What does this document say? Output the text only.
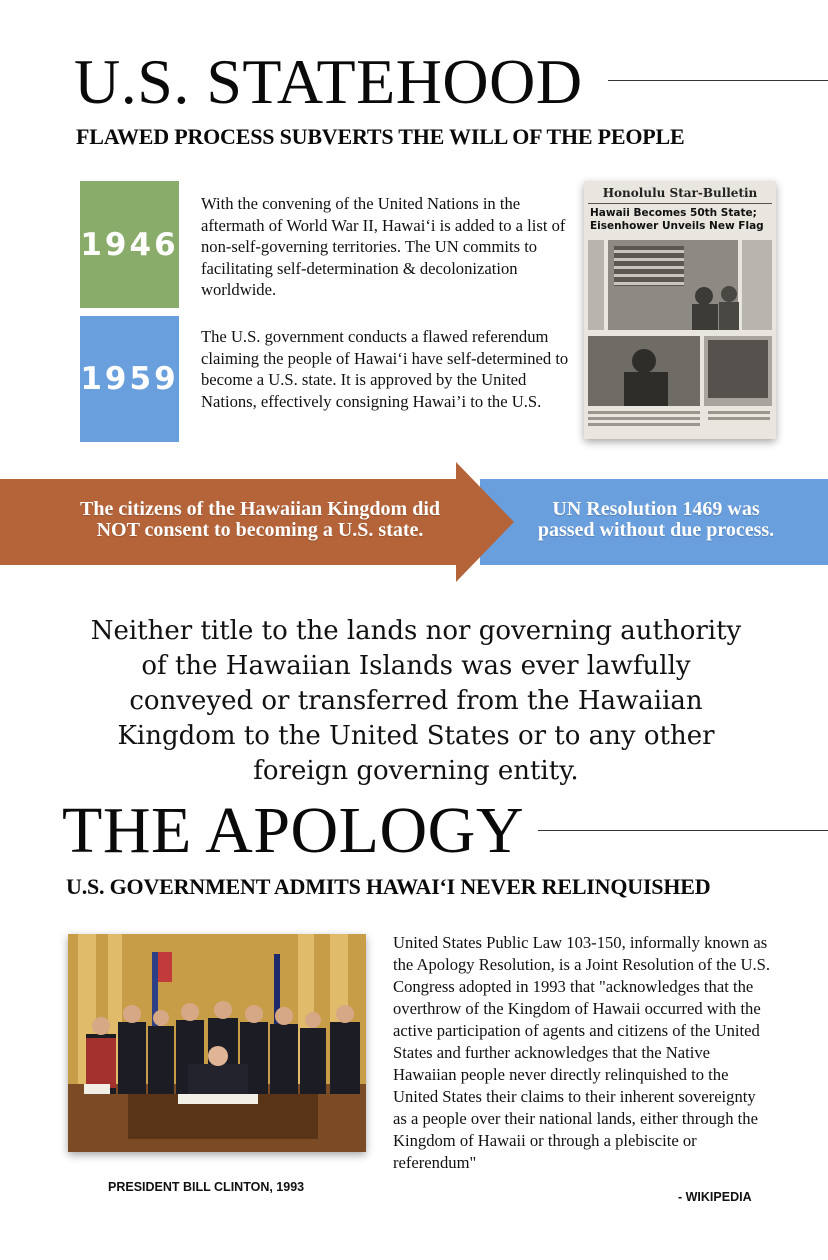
U.S. STATEHOOD
FLAWED PROCESS SUBVERTS THE WILL OF THE PEOPLE
1946
With the convening of the United Nations in the aftermath of World War II, Hawai‘i is added to a list of non-self-governing territories. The UN commits to facilitating self-determination & decolonization worldwide.
1959
The U.S. government conducts a flawed referendum claiming the people of Hawai‘i have self-determined to become a U.S. state. It is approved by the United Nations, effectively consigning Hawai’i to the U.S.
Honolulu Star-Bulletin
Hawaii Becomes 50th State;
Eisenhower Unveils New Flag
The citizens of the Hawaiian Kingdom did NOT consent to becoming a U.S. state.
UN Resolution 1469 was passed without due process.
Neither title to the lands nor governing authority of the Hawaiian Islands was ever lawfully conveyed or transferred from the Hawaiian Kingdom to the United States or to any other foreign governing entity.
THE APOLOGY
U.S. GOVERNMENT ADMITS HAWAI‘I NEVER RELINQUISHED
PRESIDENT BILL CLINTON, 1993
United States Public Law 103-150, informally known as the Apology Resolution, is a Joint Resolution of the U.S. Congress adopted in 1993 that "acknowledges that the overthrow of the Kingdom of Hawaii occurred with the active participation of agents and citizens of the United States and further acknowledges that the Native Hawaiian people never directly relinquished to the United States their claims to their inherent sovereignty as a people over their national lands, either through the Kingdom of Hawaii or through a plebiscite or referendum"
- WIKIPEDIA
